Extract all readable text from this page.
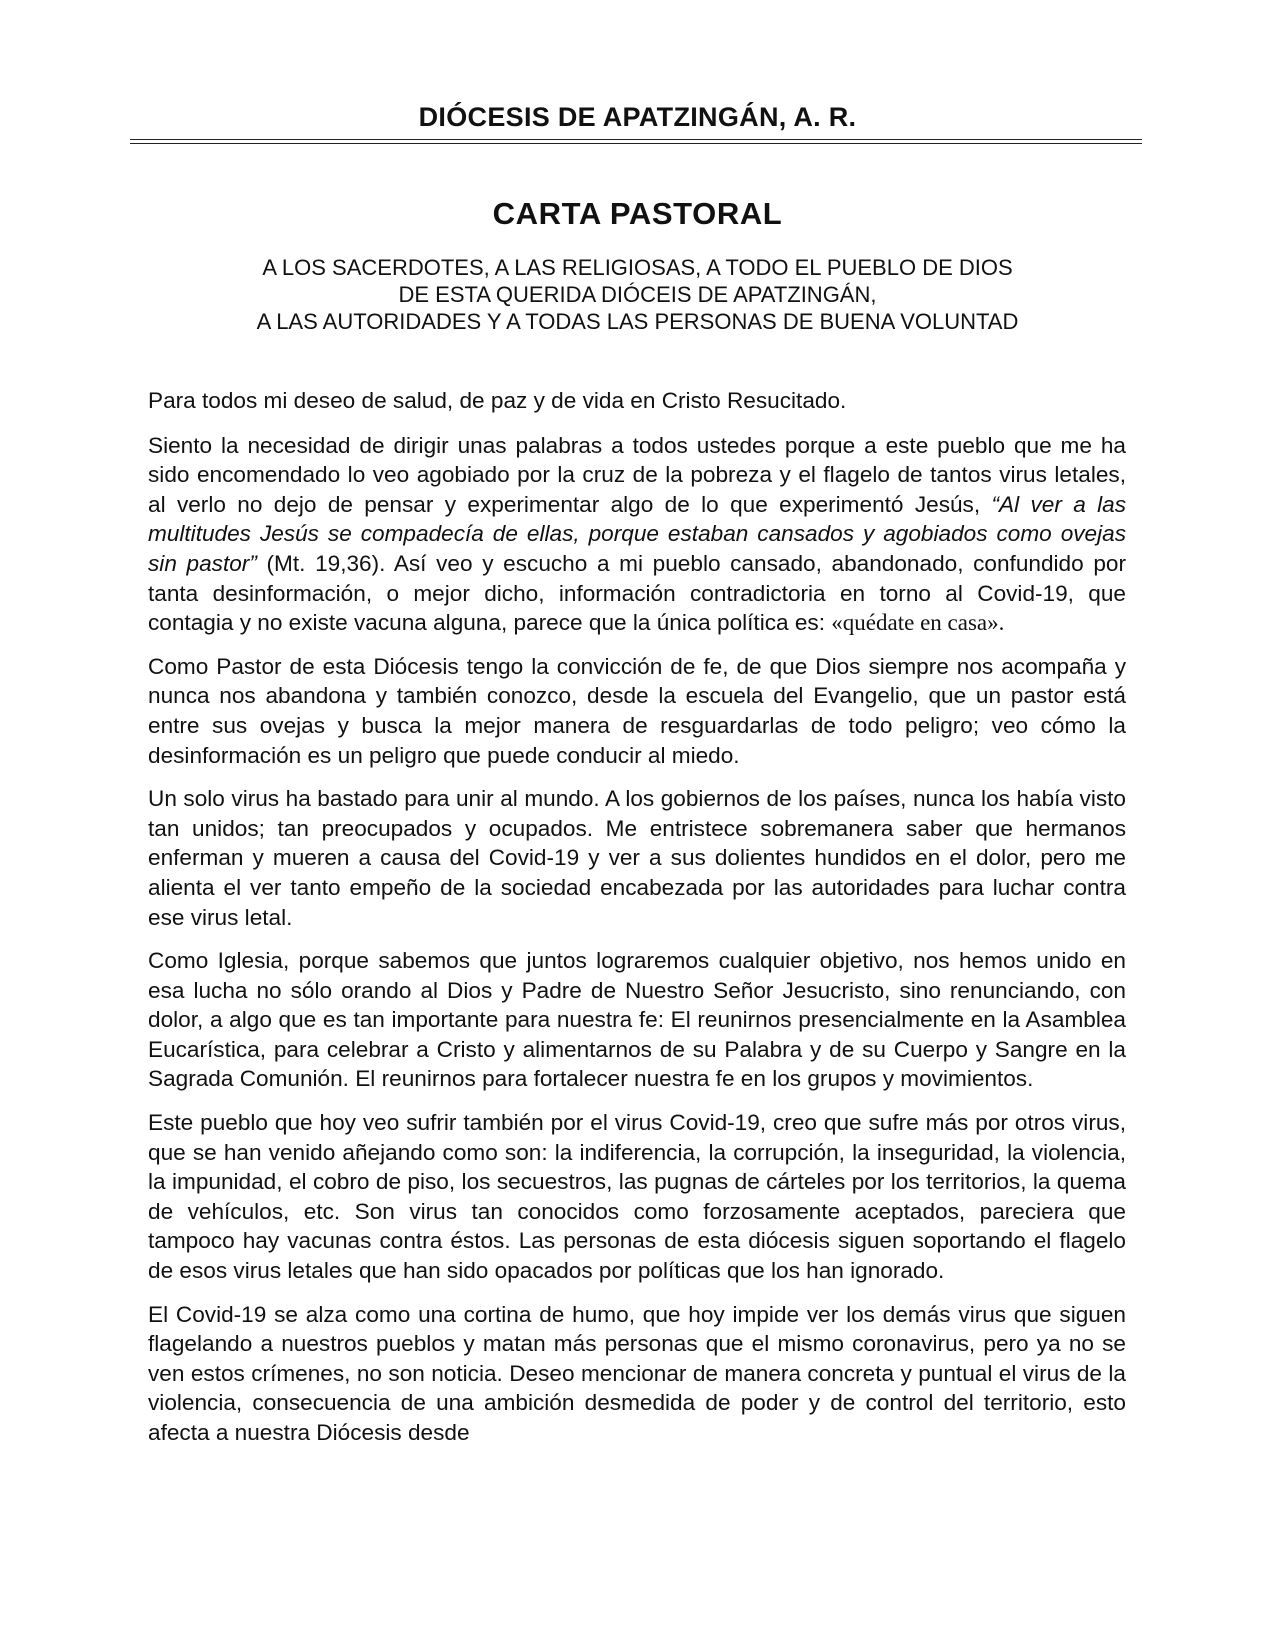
DIÓCESIS DE APATZINGÁN, A. R.
CARTA PASTORAL
A LOS SACERDOTES, A LAS RELIGIOSAS, A TODO EL PUEBLO DE DIOS
DE ESTA QUERIDA DIÓCEIS DE APATZINGÁN,
A LAS AUTORIDADES Y A TODAS LAS PERSONAS DE BUENA VOLUNTAD

Para todos mi deseo de salud, de paz y de vida en Cristo Resucitado.

Siento la necesidad de dirigir unas palabras a todos ustedes porque a este pueblo que me ha sido encomendado lo veo agobiado por la cruz de la pobreza y el flagelo de tantos virus letales, al verlo no dejo de pensar y experimentar algo de lo que experimentó Jesús, “Al ver a las multitudes Jesús se compadecía de ellas, porque estaban cansados y agobiados como ovejas sin pastor” (Mt. 19,36). Así veo y escucho a mi pueblo cansado, abandonado, confundido por tanta desinformación, o mejor dicho, información contradictoria en torno al Covid-19, que contagia y no existe vacuna alguna, parece que la única política es: «quédate en casa».

Como Pastor de esta Diócesis tengo la convicción de fe, de que Dios siempre nos acompaña y nunca nos abandona y también conozco, desde la escuela del Evangelio, que un pastor está entre sus ovejas y busca la mejor manera de resguardarlas de todo peligro; veo cómo la desinformación es un peligro que puede conducir al miedo.

Un solo virus ha bastado para unir al mundo. A los gobiernos de los países, nunca los había visto tan unidos; tan preocupados y ocupados. Me entristece sobremanera saber que hermanos enferman y mueren a causa del Covid-19 y ver a sus dolientes hundidos en el dolor, pero me alienta el ver tanto empeño de la sociedad encabezada por las autoridades para luchar contra ese virus letal.

Como Iglesia, porque sabemos que juntos lograremos cualquier objetivo, nos hemos unido en esa lucha no sólo orando al Dios y Padre de Nuestro Señor Jesucristo, sino renunciando, con dolor, a algo que es tan importante para nuestra fe: El reunirnos presencialmente en la Asamblea Eucarística, para celebrar a Cristo y alimentarnos de su Palabra y de su Cuerpo y Sangre en la Sagrada Comunión. El reunirnos para fortalecer nuestra fe en los grupos y movimientos.

Este pueblo que hoy veo sufrir también por el virus Covid-19, creo que sufre más por otros virus, que se han venido añejando como son: la indiferencia, la corrupción, la inseguridad, la violencia, la impunidad, el cobro de piso, los secuestros, las pugnas de cárteles por los territorios, la quema de vehículos, etc. Son virus tan conocidos como forzosamente aceptados, pareciera que tampoco hay vacunas contra éstos. Las personas de esta diócesis siguen soportando el flagelo de esos virus letales que han sido opacados por políticas que los han ignorado.

El Covid-19 se alza como una cortina de humo, que hoy impide ver los demás virus que siguen flagelando a nuestros pueblos y matan más personas que el mismo coronavirus, pero ya no se ven estos crímenes, no son noticia. Deseo mencionar de manera concreta y puntual el virus de la violencia, consecuencia de una ambición desmedida de poder y de control del territorio, esto afecta a nuestra Diócesis desde
